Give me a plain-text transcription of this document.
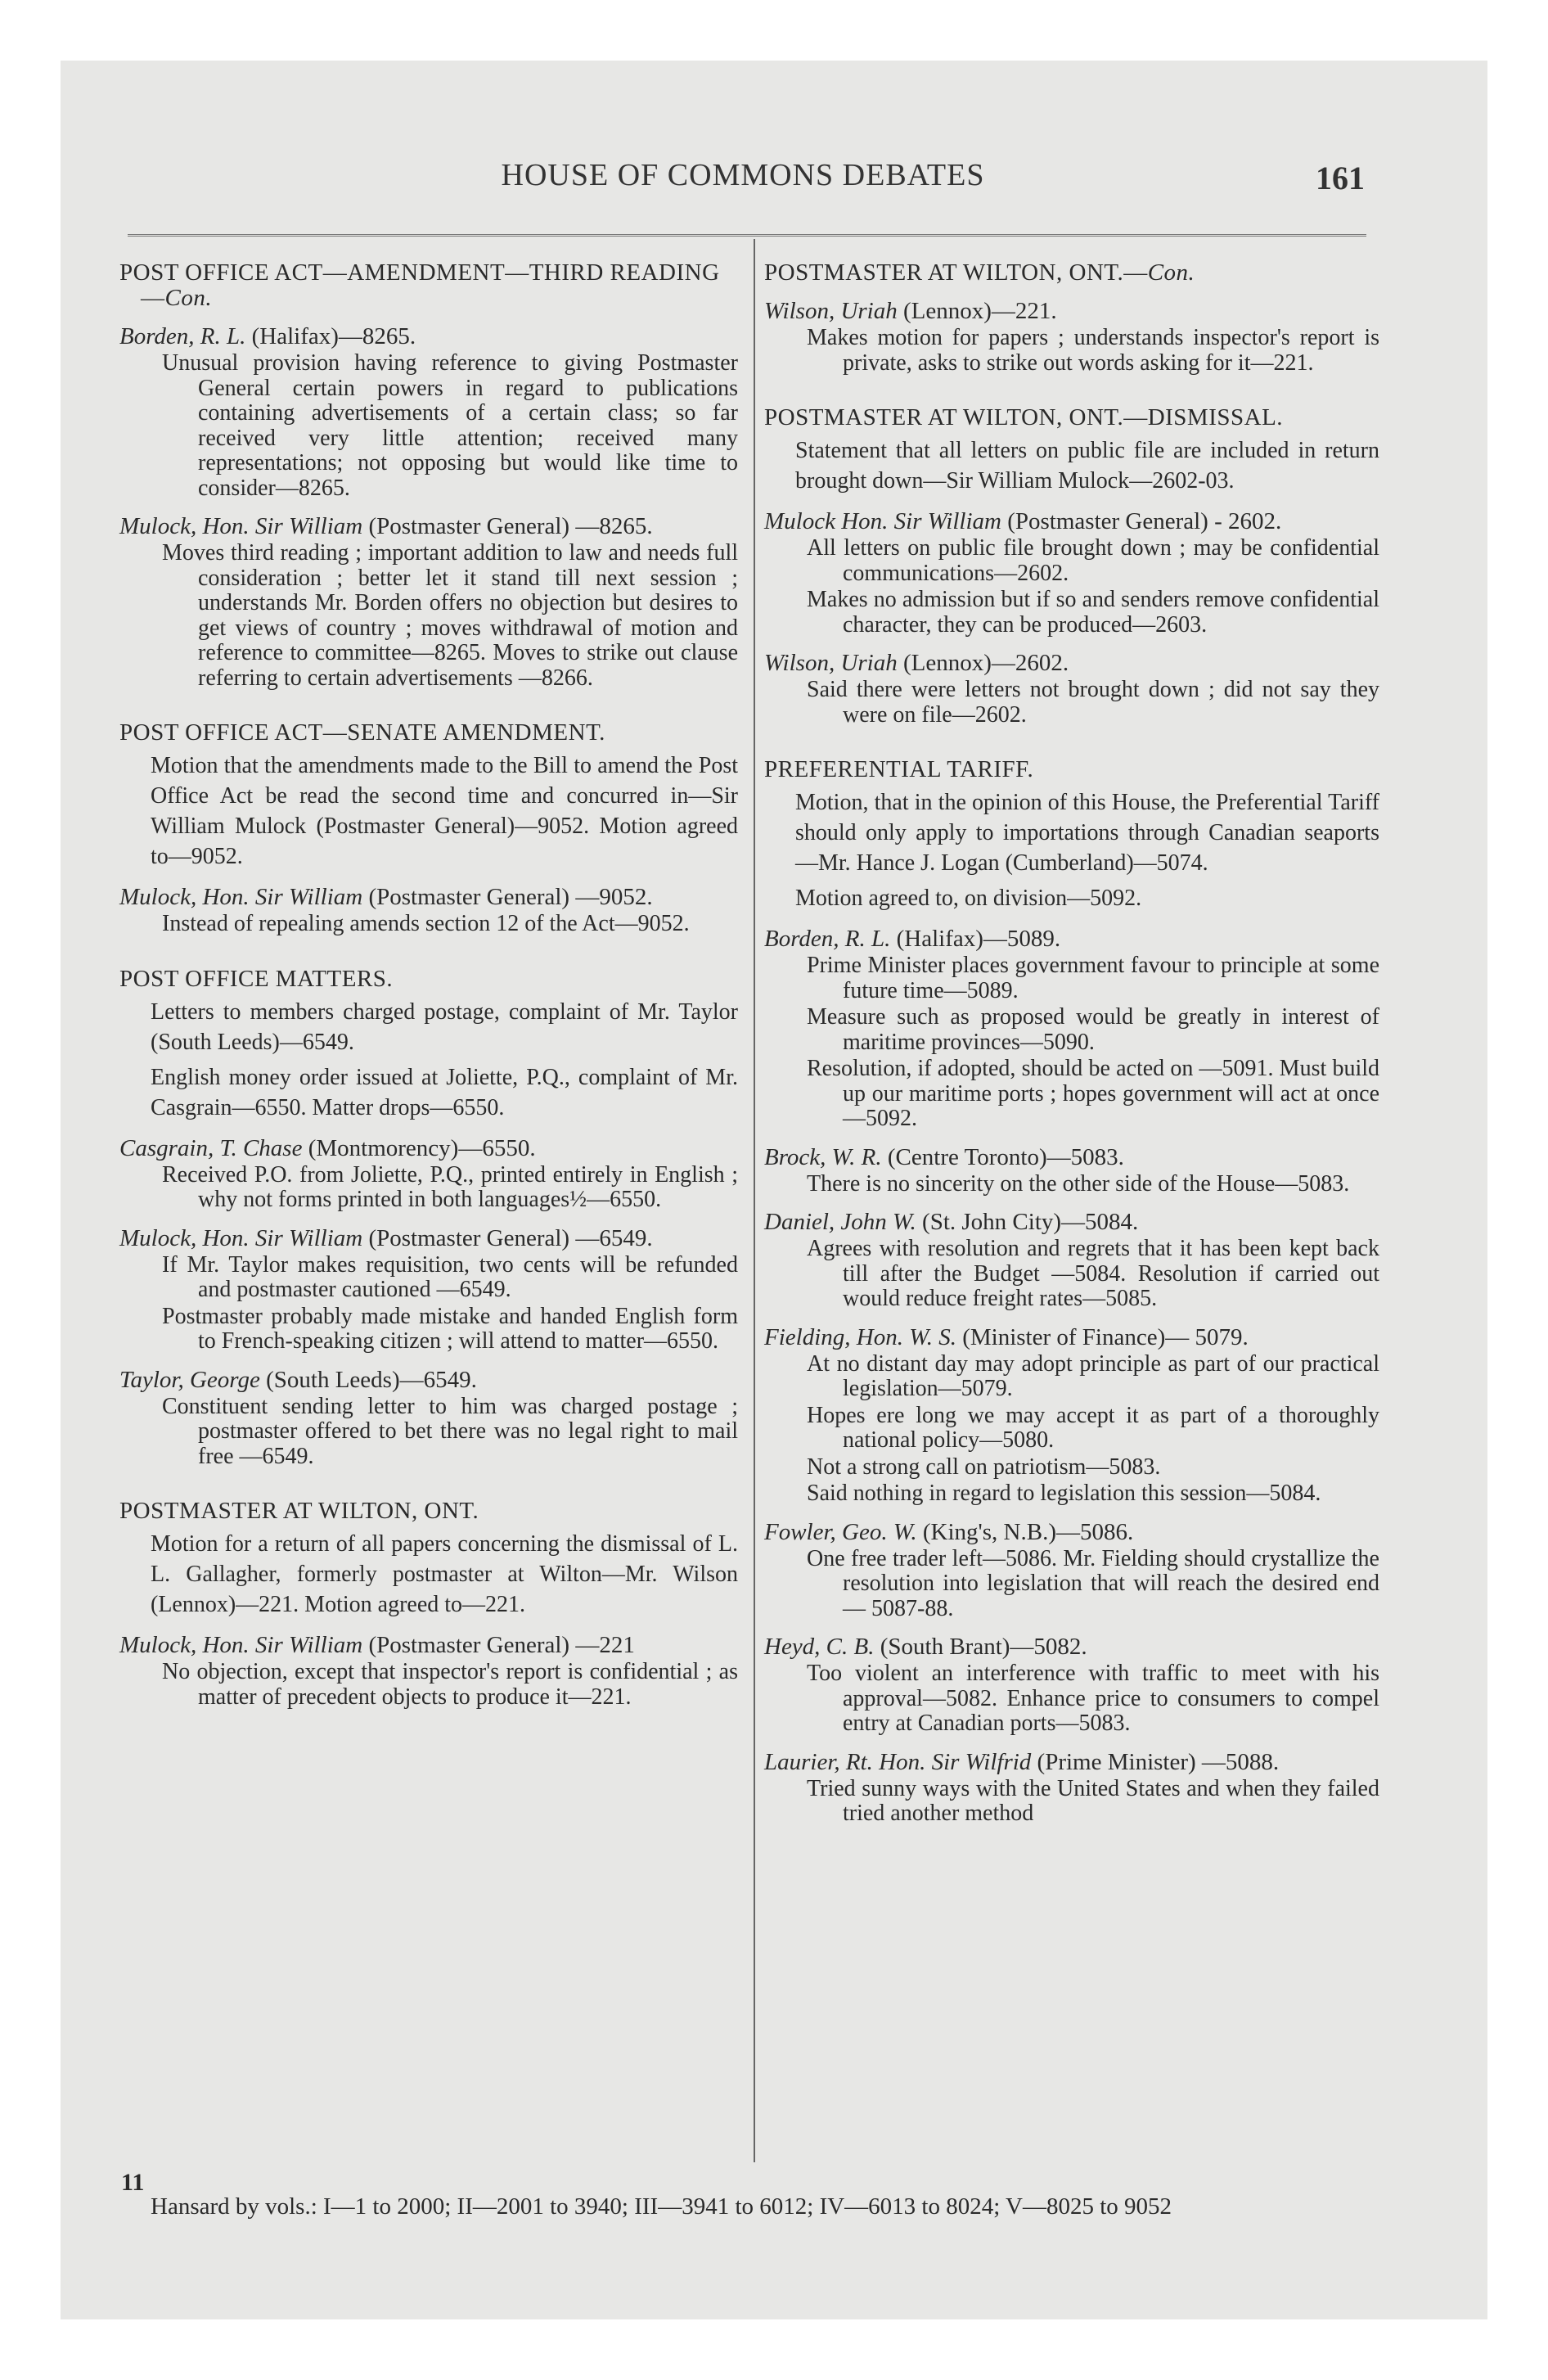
HOUSE OF COMMONS DEBATES	161

POST OFFICE ACT—AMENDMENT—THIRD READING—Con.

Borden, R. L. (Halifax)—8265.

Unusual provision having reference to giving Postmaster General certain powers in regard to publications containing advertisements of a certain class; so far received very little attention; received many representations; not opposing but would like time to consider—8265.

Mulock, Hon. Sir William (Postmaster General) —8265.

Moves third reading ; important addition to law and needs full consideration ; better let it stand till next session ; understands Mr. Borden offers no objection but desires to get views of country ; moves withdrawal of motion and reference to committee—8265. Moves to strike out clause referring to certain advertisements —8266.

POST OFFICE ACT—SENATE AMENDMENT.

Motion that the amendments made to the Bill to amend the Post Office Act be read the second time and concurred in—Sir William Mulock (Postmaster General)—9052. Motion agreed to—9052.

Mulock, Hon. Sir William (Postmaster General) —9052.

Instead of repealing amends section 12 of the Act—9052.

POST OFFICE MATTERS.

Letters to members charged postage, complaint of Mr. Taylor (South Leeds)—6549.

English money order issued at Joliette, P.Q., complaint of Mr. Casgrain—6550. Matter drops—6550.

Casgrain, T. Chase (Montmorency)—6550.

Received P.O. from Joliette, P.Q., printed entirely in English ; why not forms printed in both languages½—6550.

Mulock, Hon. Sir William (Postmaster General) —6549.

If Mr. Taylor makes requisition, two cents will be refunded and postmaster cautioned —6549.

Postmaster probably made mistake and handed English form to French-speaking citizen ; will attend to matter—6550.

Taylor, George (South Leeds)—6549.

Constituent sending letter to him was charged postage ; postmaster offered to bet there was no legal right to mail free —6549.

POSTMASTER AT WILTON, ONT.

Motion for a return of all papers concerning the dismissal of L. L. Gallagher, formerly postmaster at Wilton—Mr. Wilson (Lennox)—221. Motion agreed to—221.

Mulock, Hon. Sir William (Postmaster General) —221

No objection, except that inspector's report is confidential ; as matter of precedent objects to produce it—221.

POSTMASTER AT WILTON, ONT.—Con.

Wilson, Uriah (Lennox)—221.

Makes motion for papers ; understands inspector's report is private, asks to strike out words asking for it—221.

POSTMASTER AT WILTON, ONT.—DISMISSAL.

Statement that all letters on public file are included in return brought down—Sir William Mulock—2602-03.

Mulock Hon. Sir William (Postmaster General) - 2602.

All letters on public file brought down ; may be confidential communications—2602.

Makes no admission but if so and senders remove confidential character, they can be produced—2603.

Wilson, Uriah (Lennox)—2602.

Said there were letters not brought down ; did not say they were on file—2602.

PREFERENTIAL TARIFF.

Motion, that in the opinion of this House, the Preferential Tariff should only apply to importations through Canadian seaports —Mr. Hance J. Logan (Cumberland)—5074.

Motion agreed to, on division—5092.

Borden, R. L. (Halifax)—5089.

Prime Minister places government favour to principle at some future time—5089.

Measure such as proposed would be greatly in interest of maritime provinces—5090.

Resolution, if adopted, should be acted on —5091. Must build up our maritime ports ; hopes government will act at once—5092.

Brock, W. R. (Centre Toronto)—5083.

There is no sincerity on the other side of the House—5083.

Daniel, John W. (St. John City)—5084.

Agrees with resolution and regrets that it has been kept back till after the Budget —5084. Resolution if carried out would reduce freight rates—5085.

Fielding, Hon. W. S. (Minister of Finance)— 5079.

At no distant day may adopt principle as part of our practical legislation—5079.

Hopes ere long we may accept it as part of a thoroughly national policy—5080.

Not a strong call on patriotism—5083.

Said nothing in regard to legislation this session—5084.

Fowler, Geo. W. (King's, N.B.)—5086.

One free trader left—5086. Mr. Fielding should crystallize the resolution into legislation that will reach the desired end— 5087-88.

Heyd, C. B. (South Brant)—5082.

Too violent an interference with traffic to meet with his approval—5082. Enhance price to consumers to compel entry at Canadian ports—5083.

Laurier, Rt. Hon. Sir Wilfrid (Prime Minister) —5088.

Tried sunny ways with the United States and when they failed tried another method

11
Hansard by vols.: I—1 to 2000; II—2001 to 3940; III—3941 to 6012; IV—6013 to 8024; V—8025 to 9052
